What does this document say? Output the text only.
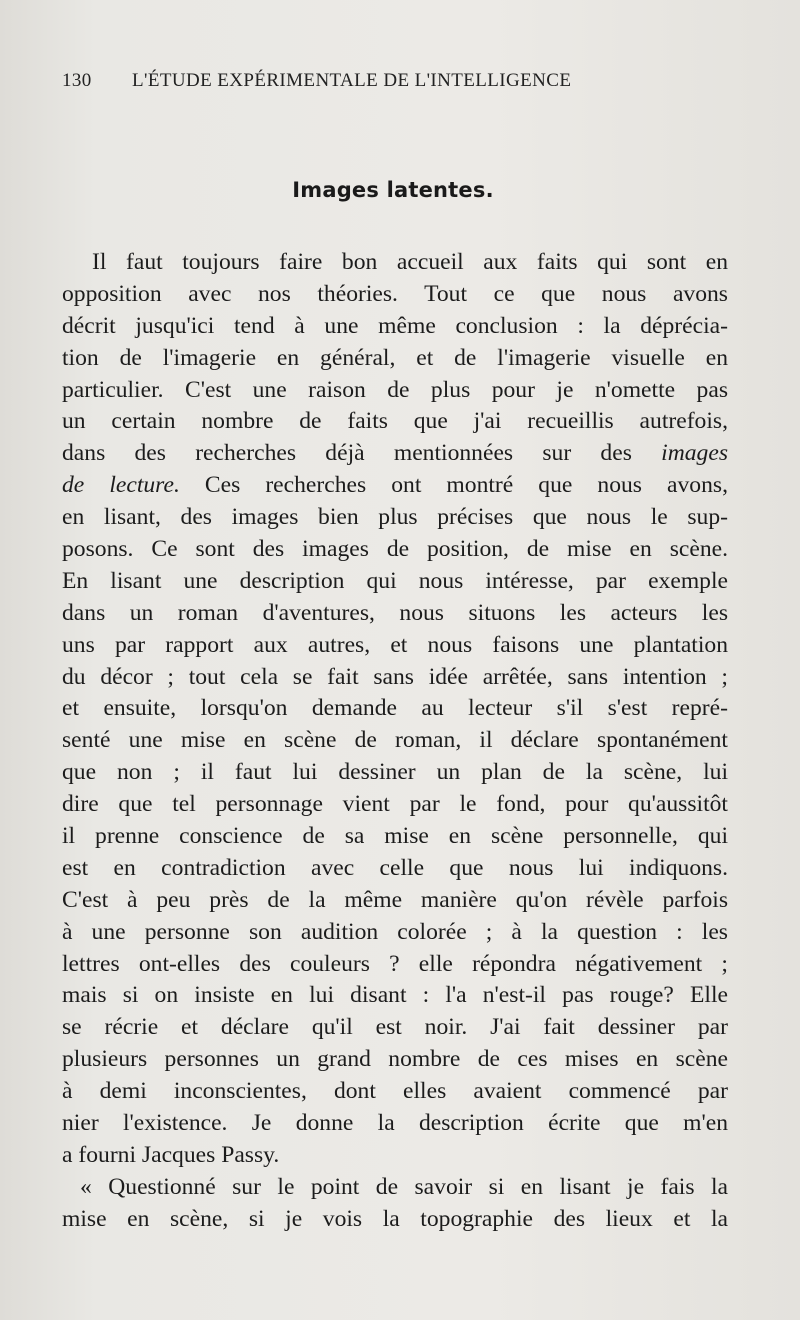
130 L'ÉTUDE EXPÉRIMENTALE DE L'INTELLIGENCE
Images latentes.
Il faut toujours faire bon accueil aux faits qui sont en
opposition avec nos théories. Tout ce que nous avons
décrit jusqu'ici tend à une même conclusion : la déprécia-
tion de l'imagerie en général, et de l'imagerie visuelle en
particulier. C'est une raison de plus pour je n'omette pas
un certain nombre de faits que j'ai recueillis autrefois,
dans des recherches déjà mentionnées sur des images
de lecture. Ces recherches ont montré que nous avons,
en lisant, des images bien plus précises que nous le sup-
posons. Ce sont des images de position, de mise en scène.
En lisant une description qui nous intéresse, par exemple
dans un roman d'aventures, nous situons les acteurs les
uns par rapport aux autres, et nous faisons une plantation
du décor ; tout cela se fait sans idée arrêtée, sans intention ;
et ensuite, lorsqu'on demande au lecteur s'il s'est repré-
senté une mise en scène de roman, il déclare spontanément
que non ; il faut lui dessiner un plan de la scène, lui
dire que tel personnage vient par le fond, pour qu'aussitôt
il prenne conscience de sa mise en scène personnelle, qui
est en contradiction avec celle que nous lui indiquons.
C'est à peu près de la même manière qu'on révèle parfois
à une personne son audition colorée ; à la question : les
lettres ont-elles des couleurs ? elle répondra négativement ;
mais si on insiste en lui disant : l'a n'est-il pas rouge? Elle
se récrie et déclare qu'il est noir. J'ai fait dessiner par
plusieurs personnes un grand nombre de ces mises en scène
à demi inconscientes, dont elles avaient commencé par
nier l'existence. Je donne la description écrite que m'en
a fourni Jacques Passy.
« Questionné sur le point de savoir si en lisant je fais la
mise en scène, si je vois la topographie des lieux et la
